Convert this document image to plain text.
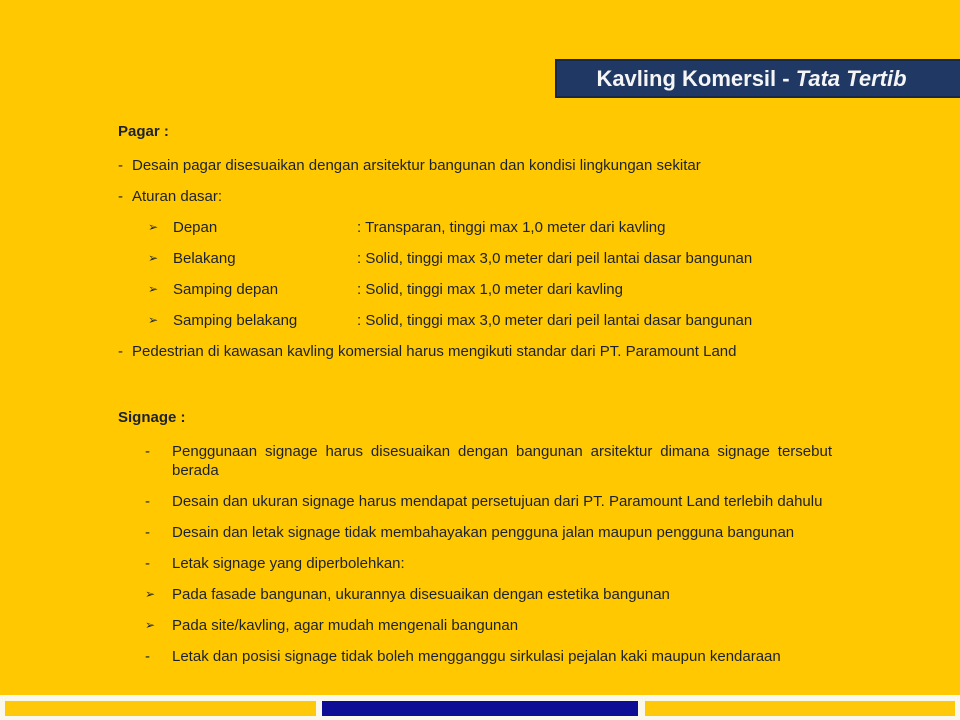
Kavling Komersil - Tata Tertib
Pagar :
- Desain pagar disesuaikan dengan arsitektur bangunan dan kondisi lingkungan sekitar
- Aturan dasar:
➢ Depan	: Transparan, tinggi max 1,0 meter dari kavling
➢ Belakang	: Solid, tinggi max 3,0 meter dari peil lantai dasar bangunan
➢ Samping depan	: Solid, tinggi max 1,0 meter dari kavling
➢ Samping belakang	: Solid, tinggi max 3,0 meter dari peil lantai dasar bangunan
- Pedestrian di kawasan kavling komersial harus mengikuti standar dari PT. Paramount Land
Signage :
-	Penggunaan signage harus disesuaikan dengan bangunan arsitektur dimana signage tersebut berada
-	Desain dan ukuran signage harus mendapat persetujuan dari PT. Paramount Land terlebih dahulu
-	Desain dan letak signage tidak membahayakan pengguna jalan maupun pengguna bangunan
-	Letak signage yang diperbolehkan:
➢	Pada fasade bangunan, ukurannya disesuaikan dengan estetika bangunan
➢	Pada site/kavling, agar mudah mengenali bangunan
-	Letak dan posisi signage tidak boleh mengganggu sirkulasi pejalan kaki maupun kendaraan
